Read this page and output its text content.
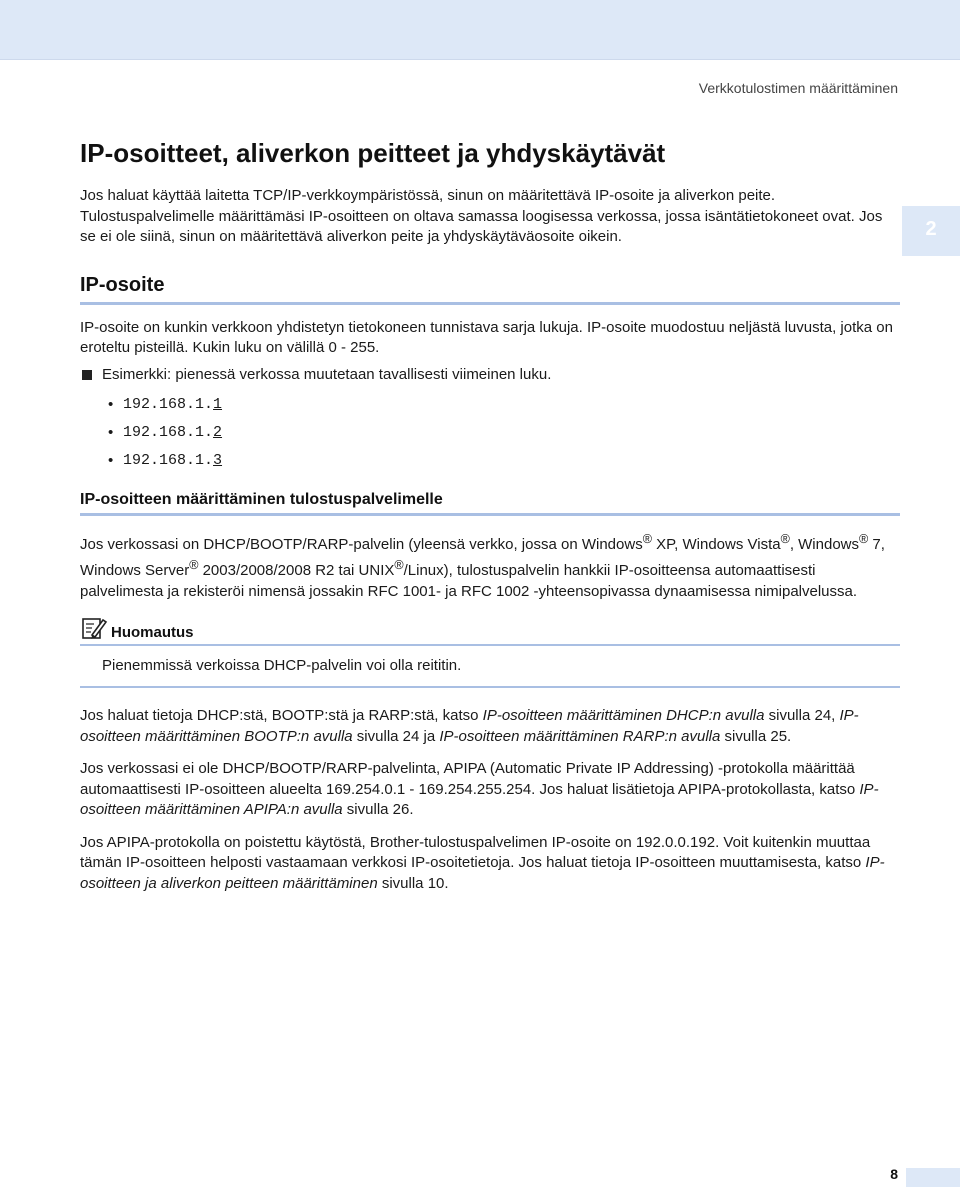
Verkkotulostimen määrittäminen
2
IP-osoitteet, aliverkon peitteet ja yhdyskäytävät

Jos haluat käyttää laitetta TCP/IP-verkkoympäristössä, sinun on määritettävä IP-osoite ja aliverkon peite. Tulostuspalvelimelle määrittämäsi IP-osoitteen on oltava samassa loogisessa verkossa, jossa isäntätietokoneet ovat. Jos se ei ole siinä, sinun on määritettävä aliverkon peite ja yhdyskäytäväosoite oikein.

IP-osoite

IP-osoite on kunkin verkkoon yhdistetyn tietokoneen tunnistava sarja lukuja. IP-osoite muodostuu neljästä luvusta, jotka on eroteltu pisteillä. Kukin luku on välillä 0 - 255.

Esimerkki: pienessä verkossa muutetaan tavallisesti viimeinen luku.
• 192.168.1.1
• 192.168.1.2
• 192.168.1.3
IP-osoitteen määrittäminen tulostuspalvelimelle

Jos verkossasi on DHCP/BOOTP/RARP-palvelin (yleensä verkko, jossa on Windows® XP, Windows Vista®, Windows® 7, Windows Server® 2003/2008/2008 R2 tai UNIX®/Linux), tulostuspalvelin hankkii IP-osoitteensa automaattisesti palvelimesta ja rekisteröi nimensä jossakin RFC 1001- ja RFC 1002 -yhteensopivassa dynaamisessa nimipalvelussa.

Huomautus
Pienemmissä verkoissa DHCP-palvelin voi olla reititin.

Jos haluat tietoja DHCP:stä, BOOTP:stä ja RARP:stä, katso IP-osoitteen määrittäminen DHCP:n avulla sivulla 24, IP-osoitteen määrittäminen BOOTP:n avulla sivulla 24 ja IP-osoitteen määrittäminen RARP:n avulla sivulla 25.

Jos verkossasi ei ole DHCP/BOOTP/RARP-palvelinta, APIPA (Automatic Private IP Addressing) -protokolla määrittää automaattisesti IP-osoitteen alueelta 169.254.0.1 - 169.254.255.254. Jos haluat lisätietoja APIPA-protokollasta, katso IP-osoitteen määrittäminen APIPA:n avulla sivulla 26.

Jos APIPA-protokolla on poistettu käytöstä, Brother-tulostuspalvelimen IP-osoite on 192.0.0.192. Voit kuitenkin muuttaa tämän IP-osoitteen helposti vastaamaan verkkosi IP-osoitetietoja. Jos haluat tietoja IP-osoitteen muuttamisesta, katso IP-osoitteen ja aliverkon peitteen määrittäminen sivulla 10.

8
